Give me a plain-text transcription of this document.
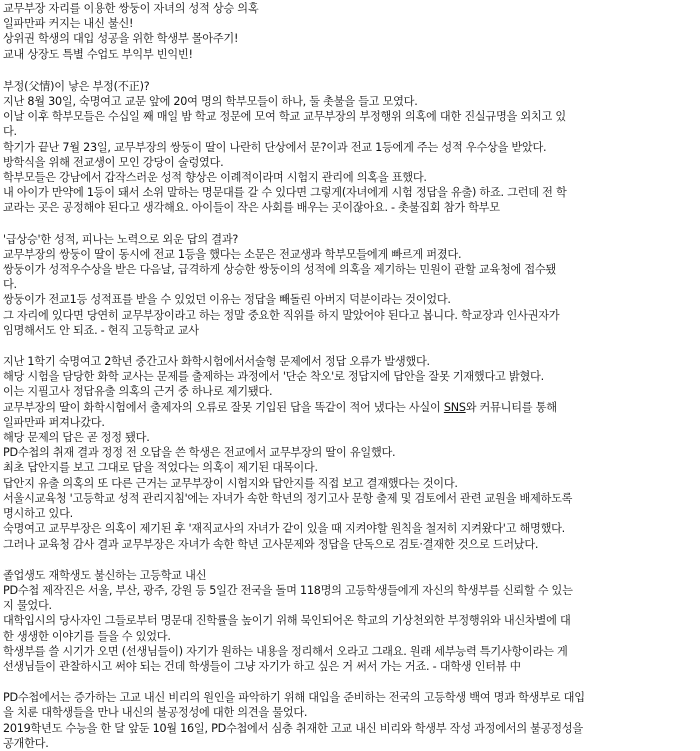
교무부장 자리를 이용한 쌍둥이 자녀의 성적 상승 의혹
일파만파 커지는 내신 불신!
상위권 학생의 대입 성공을 위한 학생부 몰아주기!
교내 상장도 특별 수업도 부익부 빈익빈!
부정(父情)이 낳은 부정(不正)?
지난 8월 30일, 숙명여고 교문 앞에 20여 명의 학부모들이 하나, 둘 촛불을 들고 모였다.
이날 이후 학부모들은 수십일 째 매일 밤 학교 정문에 모여 학교 교무부장의 부정행위 의혹에 대한 진실규명을 외치고 있
다.
학기가 끝난 7월 23일, 교무부장의 쌍둥이 딸이 나란히 단상에서 문?이과 전교 1등에게 주는 성적 우수상을 받았다.
방학식을 위해 전교생이 모인 강당이 술렁였다.
학부모들은 강남에서 갑작스러운 성적 향상은 이례적이라며 시험지 관리에 의혹을 표했다.
내 아이가 만약에 1등이 돼서 소위 말하는 명문대를 갈 수 있다면 그렇게(자녀에게 시험 정답을 유출) 하죠. 그런데 전 학
교라는 곳은 공정해야 된다고 생각해요. 아이들이 작은 사회를 배우는 곳이잖아요. - 촛불집회 참가 학부모
'급상승'한 성적, 피나는 노력으로 외운 답의 결과?
교무부장의 쌍둥이 딸이 동시에 전교 1등을 했다는 소문은 전교생과 학부모들에게 빠르게 퍼졌다.
쌍둥이가 성적우수상을 받은 다음날, 급격하게 상승한 쌍둥이의 성적에 의혹을 제기하는 민원이 관할 교육청에 접수됐
다.
쌍둥이가 전교1등 성적표를 받을 수 있었던 이유는 정답을 빼돌린 아버지 덕분이라는 것이었다.
그 자리에 있다면 당연히 교무부장이라고 하는 정말 중요한 직위를 하지 말았어야 된다고 봅니다. 학교장과 인사권자가
임명해서도 안 되죠. - 현직 고등학교 교사
지난 1학기 숙명여고 2학년 중간고사 화학시험에서서술형 문제에서 정답 오류가 발생했다.
해당 시험을 담당한 화학 교사는 문제를 출제하는 과정에서 '단순 착오'로 정답지에 답안을 잘못 기재했다고 밝혔다.
이는 지필고사 정답유출 의혹의 근거 중 하나로 제기됐다.
교무부장의 딸이 화학시험에서 출제자의 오류로 잘못 기입된 답을 똑같이 적어 냈다는 사실이 SNS와 커뮤니티를 통해
일파만파 퍼져나갔다.
해당 문제의 답은 곧 정정 됐다.
PD수첩의 취재 결과 정정 전 오답을 쓴 학생은 전교에서 교무부장의 딸이 유일했다.
최초 답안지를 보고 그대로 답을 적었다는 의혹이 제기된 대목이다.
답안지 유출 의혹의 또 다른 근거는 교무부장이 시험지와 답안지를 직접 보고 결재했다는 것이다.
서울시교육청 '고등학교 성적 관리지침'에는 자녀가 속한 학년의 정기고사 문항 출제 및 검토에서 관련 교원을 배제하도록
명시하고 있다.
숙명여고 교무부장은 의혹이 제기된 후 '재직교사의 자녀가 같이 있을 때 지켜야할 원칙을 철저히 지켜왔다'고 해명했다.
그러나 교육청 감사 결과 교무부장은 자녀가 속한 학년 고사문제와 정답을 단독으로 검토·결재한 것으로 드러났다.
졸업생도 재학생도 불신하는 고등학교 내신
PD수첩 제작진은 서울, 부산, 광주, 강원 등 5일간 전국을 돌며 118명의 고등학생들에게 자신의 학생부를 신뢰할 수 있는
지 물었다.
대학입시의 당사자인 그들로부터 명문대 진학률을 높이기 위해 묵인되어온 학교의 기상천외한 부정행위와 내신차별에 대
한 생생한 이야기를 들을 수 있었다.
학생부를 쓸 시기가 오면 (선생님들이) 자기가 원하는 내용을 정리해서 오라고 그래요. 원래 세부능력 특기사항이라는 게
선생님들이 관찰하시고 써야 되는 건데 학생들이 그냥 자기가 하고 싶은 거 써서 가는 거죠. - 대학생 인터뷰 中
PD수첩에서는 증가하는 고교 내신 비리의 원인을 파악하기 위해 대입을 준비하는 전국의 고등학생 백여 명과 학생부로 대입
을 치룬 대학생들을 만나 내신의 불공정성에 대한 의견을 물었다.
2019학년도 수능을 한 달 앞둔 10월 16일, PD수첩에서 심층 취재한 고교 내신 비리와 학생부 작성 과정에서의 불공정성을
공개한다.
